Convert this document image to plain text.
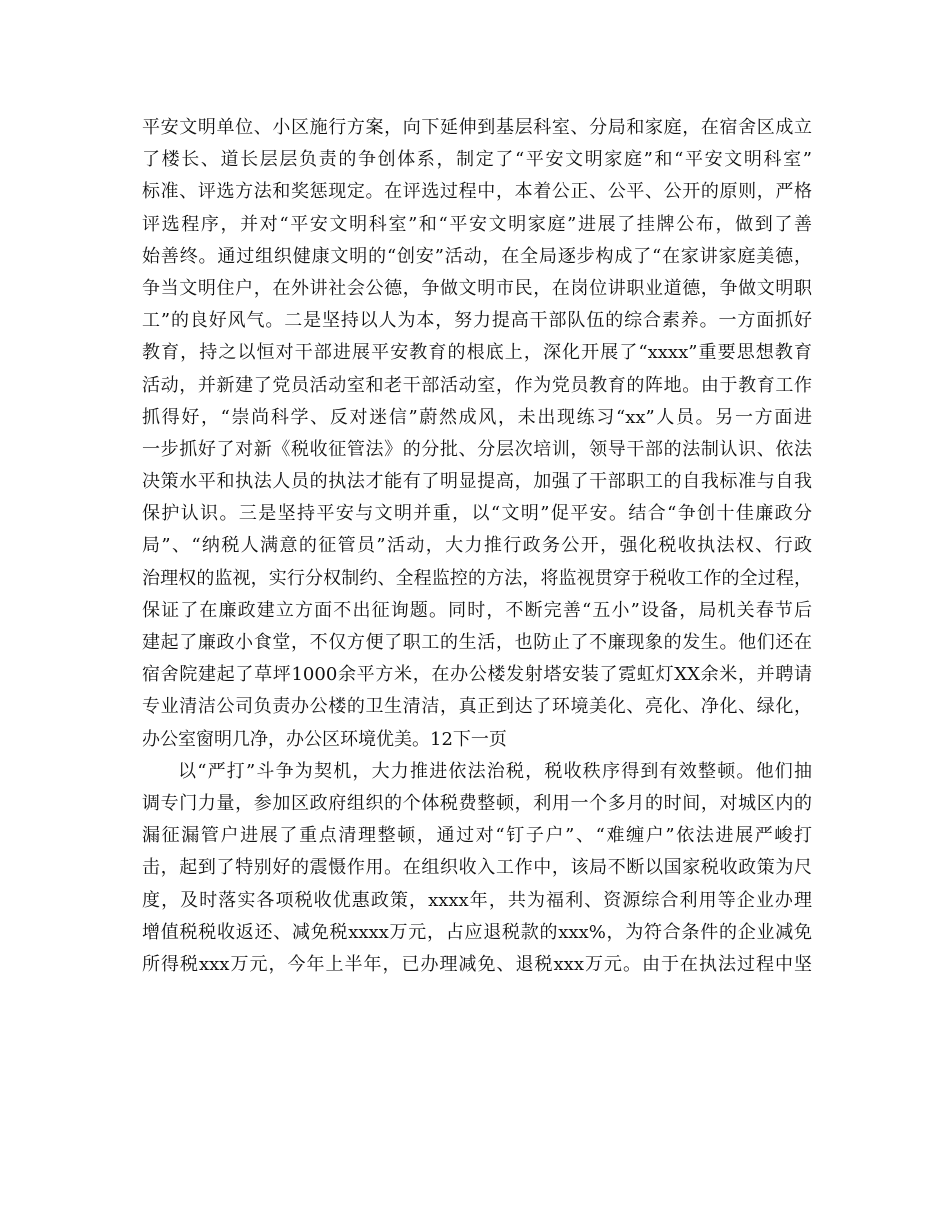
平安文明单位、小区施行方案，向下延伸到基层科室、分局和家庭，在宿舍区成立
了楼长、道长层层负责的争创体系，制定了“平安文明家庭”和“平安文明科室”
标准、评选方法和奖惩现定。在评选过程中，本着公正、公平、公开的原则，严格
评选程序，并对“平安文明科室”和“平安文明家庭”进展了挂牌公布，做到了善
始善终。通过组织健康文明的“创安”活动，在全局逐步构成了“在家讲家庭美德，
争当文明住户，在外讲社会公德，争做文明市民，在岗位讲职业道德，争做文明职
工”的良好风气。二是坚持以人为本，努力提高干部队伍的综合素养。一方面抓好
教育，持之以恒对干部进展平安教育的根底上，深化开展了“xxxx”重要思想教育
活动，并新建了党员活动室和老干部活动室，作为党员教育的阵地。由于教育工作
抓得好，“崇尚科学、反对迷信”蔚然成风，未出现练习“xx”人员。另一方面进
一步抓好了对新《税收征管法》的分批、分层次培训，领导干部的法制认识、依法
决策水平和执法人员的执法才能有了明显提高，加强了干部职工的自我标准与自我
保护认识。三是坚持平安与文明并重，以“文明”促平安。结合“争创十佳廉政分
局”、“纳税人满意的征管员”活动，大力推行政务公开，强化税收执法权、行政
治理权的监视，实行分权制约、全程监控的方法，将监视贯穿于税收工作的全过程，
保证了在廉政建立方面不出征询题。同时，不断完善“五小”设备，局机关春节后
建起了廉政小食堂，不仅方便了职工的生活，也防止了不廉现象的发生。他们还在
宿舍院建起了草坪1000余平方米，在办公楼发射塔安装了霓虹灯XX余米，并聘请
专业清洁公司负责办公楼的卫生清洁，真正到达了环境美化、亮化、净化、绿化，
办公室窗明几净，办公区环境优美。12下一页
以“严打”斗争为契机，大力推进依法治税，税收秩序得到有效整顿。他们抽
调专门力量，参加区政府组织的个体税费整顿，利用一个多月的时间，对城区内的
漏征漏管户进展了重点清理整顿，通过对“钉子户”、“难缠户”依法进展严峻打
击，起到了特别好的震慑作用。在组织收入工作中，该局不断以国家税收政策为尺
度，及时落实各项税收优惠政策，xxxx年，共为福利、资源综合利用等企业办理
增值税税收返还、减免税xxxx万元，占应退税款的xxx%，为符合条件的企业减免
所得税xxx万元，今年上半年，已办理减免、退税xxx万元。由于在执法过程中坚
